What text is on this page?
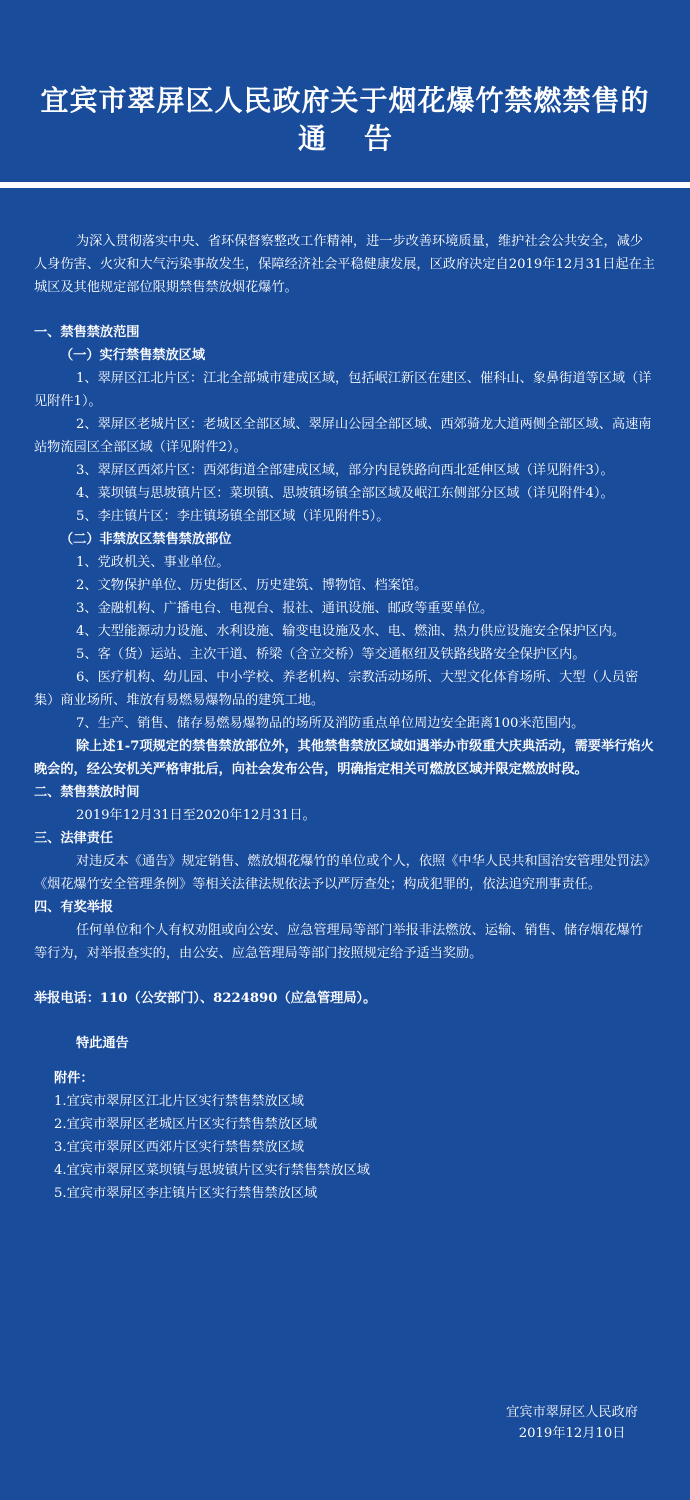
宜宾市翠屏区人民政府关于烟花爆竹禁燃禁售的
通告

为深入贯彻落实中央、省环保督察整改工作精神，进一步改善环境质量，维护社会公共安全，减少人身伤害、火灾和大气污染事故发生，保障经济社会平稳健康发展，区政府决定自2019年12月31日起在主城区及其他规定部位限期禁售禁放烟花爆竹。

一、禁售禁放范围

（一）实行禁售禁放区域

1、翠屏区江北片区：江北全部城市建成区域，包括岷江新区在建区、催科山、象鼻街道等区域（详见附件1）。

2、翠屏区老城片区：老城区全部区域、翠屏山公园全部区域、西郊骑龙大道两侧全部区域、高速南站物流园区全部区域（详见附件2）。

3、翠屏区西郊片区：西郊街道全部建成区域，部分内昆铁路向西北延伸区域（详见附件3）。

4、菜坝镇与思坡镇片区：菜坝镇、思坡镇场镇全部区域及岷江东侧部分区域（详见附件4）。

5、李庄镇片区：李庄镇场镇全部区域（详见附件5）。

（二）非禁放区禁售禁放部位

1、党政机关、事业单位。

2、文物保护单位、历史街区、历史建筑、博物馆、档案馆。

3、金融机构、广播电台、电视台、报社、通讯设施、邮政等重要单位。

4、大型能源动力设施、水利设施、输变电设施及水、电、燃油、热力供应设施安全保护区内。

5、客（货）运站、主次干道、桥梁（含立交桥）等交通枢纽及铁路线路安全保护区内。

6、医疗机构、幼儿园、中小学校、养老机构、宗教活动场所、大型文化体育场所、大型（人员密集）商业场所、堆放有易燃易爆物品的建筑工地。

7、生产、销售、储存易燃易爆物品的场所及消防重点单位周边安全距离100米范围内。

除上述1-7项规定的禁售禁放部位外，其他禁售禁放区域如遇举办市级重大庆典活动，需要举行焰火晚会的，经公安机关严格审批后，向社会发布公告，明确指定相关可燃放区域并限定燃放时段。

二、禁售禁放时间

2019年12月31日至2020年12月31日。

三、法律责任

对违反本《通告》规定销售、燃放烟花爆竹的单位或个人，依照《中华人民共和国治安管理处罚法》《烟花爆竹安全管理条例》等相关法律法规依法予以严厉查处；构成犯罪的，依法追究刑事责任。

四、有奖举报

任何单位和个人有权劝阻或向公安、应急管理局等部门举报非法燃放、运输、销售、储存烟花爆竹等行为，对举报查实的，由公安、应急管理局等部门按照规定给予适当奖励。

举报电话：110（公安部门）、8224890（应急管理局）。

特此通告

附件：

1.宜宾市翠屏区江北片区实行禁售禁放区域

2.宜宾市翠屏区老城区片区实行禁售禁放区域

3.宜宾市翠屏区西郊片区实行禁售禁放区域

4.宜宾市翠屏区菜坝镇与思坡镇片区实行禁售禁放区域

5.宜宾市翠屏区李庄镇片区实行禁售禁放区域

宜宾市翠屏区人民政府
2019年12月10日
